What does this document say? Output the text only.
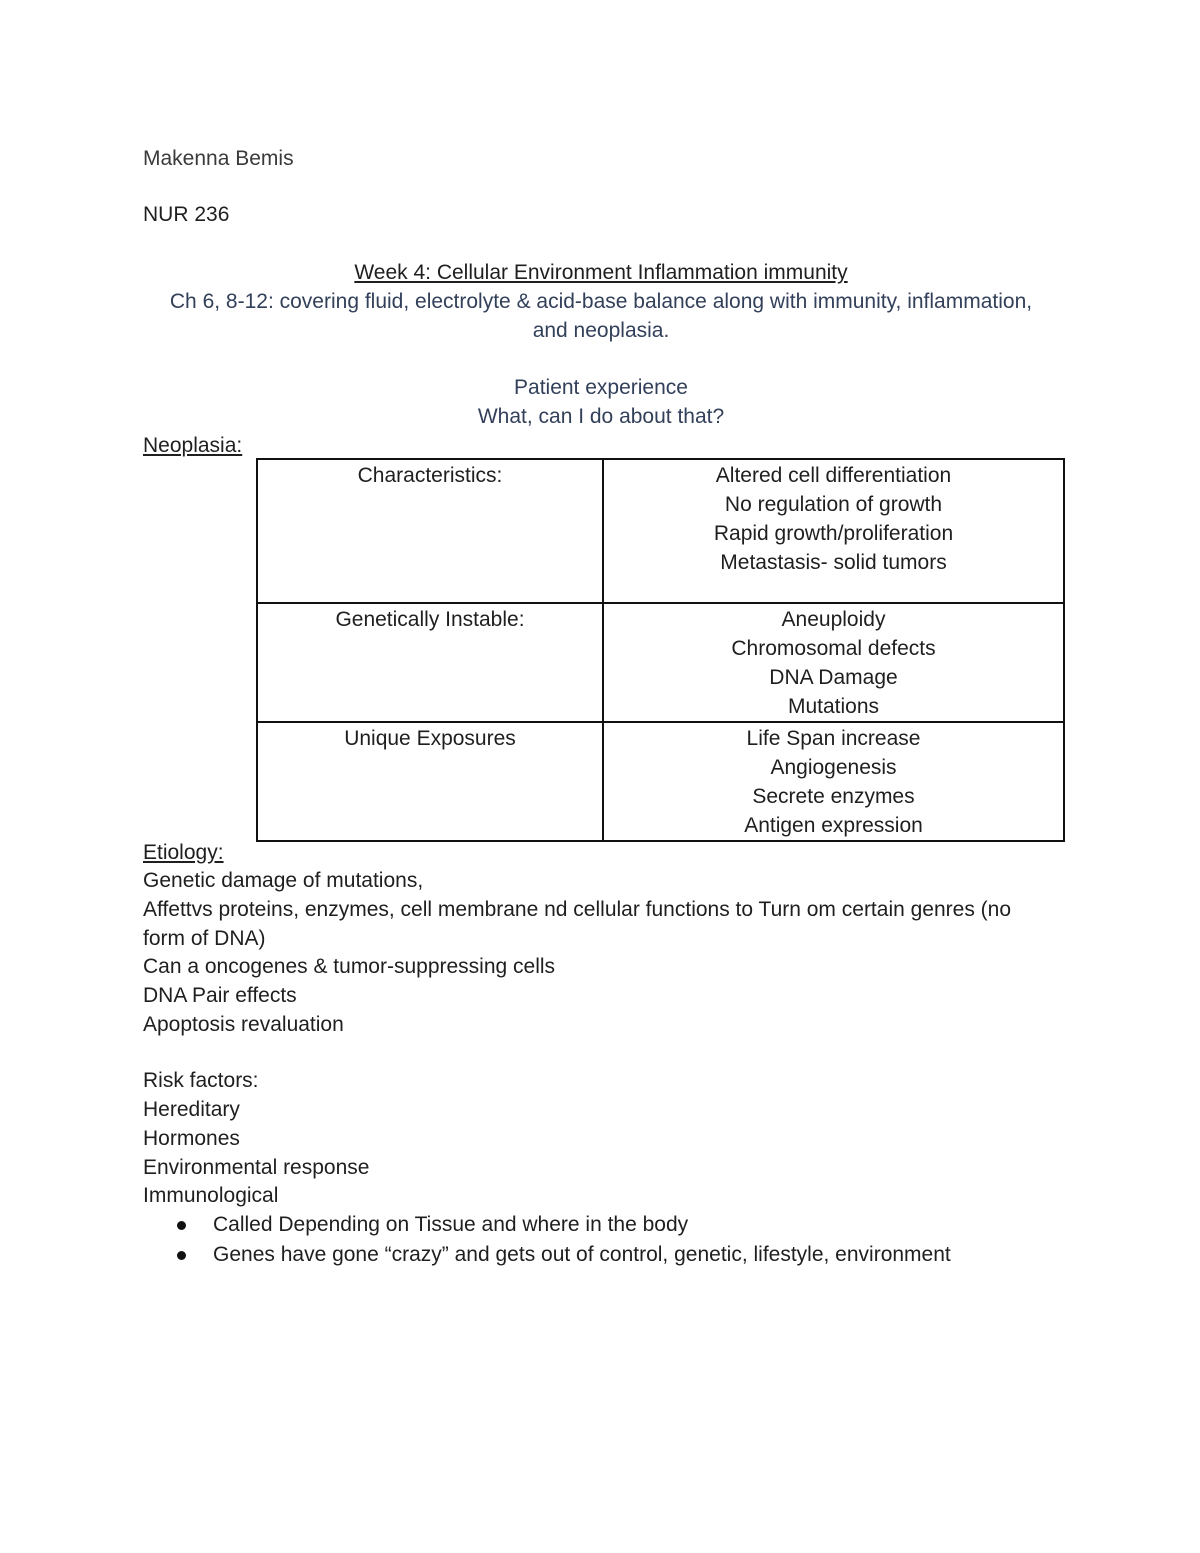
Makenna Bemis
NUR 236
Week 4: Cellular Environment Inflammation immunity
Ch 6, 8-12: covering fluid, electrolyte & acid-base balance along with immunity, inflammation,
and neoplasia.
Patient experience
What, can I do about that?
Neoplasia:
Characteristics:	Altered cell differentiation
No regulation of growth
Rapid growth/proliferation
Metastasis- solid tumors

Genetically Instable:	Aneuploidy
Chromosomal defects
DNA Damage
Mutations

Unique Exposures	Life Span increase
Angiogenesis
Secrete enzymes
Antigen expression
Etiology:
Genetic damage of mutations,
Affettvs proteins, enzymes, cell membrane nd cellular functions to Turn om certain genres (no
form of DNA)
Can a oncogenes & tumor-suppressing cells
DNA Pair effects
Apoptosis revaluation
Risk factors:
Hereditary
Hormones
Environmental response
Immunological
Called Depending on Tissue and where in the body
Genes have gone “crazy” and gets out of control, genetic, lifestyle, environment
